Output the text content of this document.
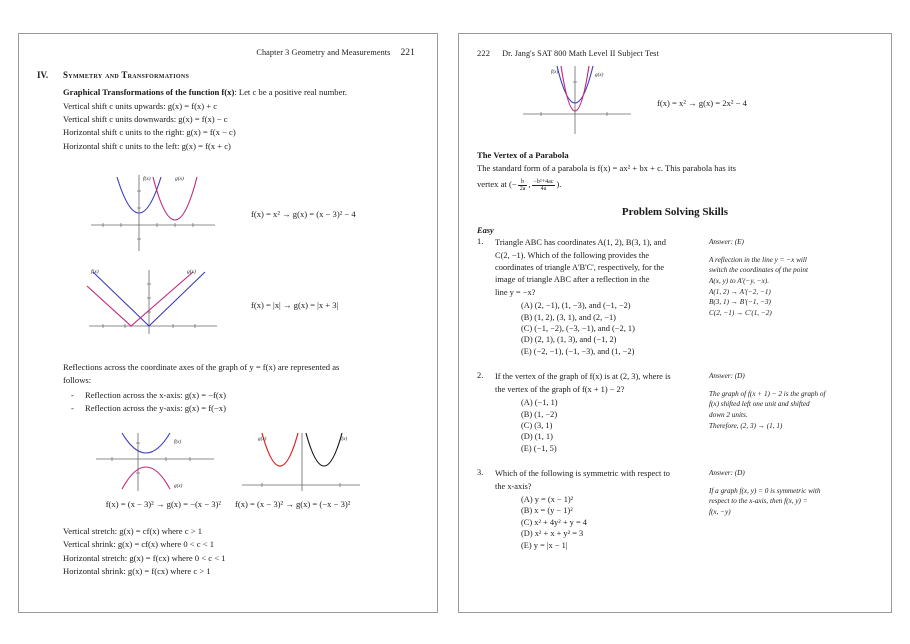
Chapter 3 Geometry and Measurements 221
IV.	Symmetry and Transformations
Graphical Transformations of the function f(x): Let c be a positive real number.
Vertical shift c units upwards: g(x) = f(x) + c
Vertical shift c units downwards: g(x) = f(x) − c
Horizontal shift c units to the right: g(x) = f(x − c)
Horizontal shift c units to the left: g(x) = f(x + c)
f(x)	g(x)
f(x) = x² → g(x) = (x − 3)² − 4
f(x)	g(x)
f(x) = |x| → g(x) = |x + 3|
Reflections across the coordinate axes of the graph of y = f(x) are represented as
follows:
- Reflection across the x-axis: g(x) = −f(x)
- Reflection across the y-axis: g(x) = f(−x)
f(x)
g(x)
g(x)	f(x)
f(x) = (x − 3)² → g(x) = −(x − 3)² f(x) = (x − 3)² → g(x) = (−x − 3)²
Vertical stretch: g(x) = cf(x) where c > 1
Vertical shrink: g(x) = cf(x) where 0 < c < 1
Horizontal stretch: g(x) = f(cx) where 0 < c < 1
Horizontal shrink: g(x) = f(cx) where c > 1
222 Dr. Jang's SAT 800 Math Level II Subject Test
f(x)	g(x)
f(x) = x² → g(x) = 2x² − 4
The Vertex of a Parabola
The standard form of a parabola is f(x) = ax² + bx + c. This parabola has its
vertex at (− $\frac{b}{2a}$ , $\frac{\text{−b²+4ac}}{4a}$ ).
Problem Solving Skills
Easy
1.	Triangle ABC has coordinates A(1, 2), B(3, 1), and
C(2, −1). Which of the following provides the
coordinates of triangle A'B'C', respectively, for the
image of triangle ABC after a reflection in the
line y = −x?
(A) (2, −1), (1, −3), and (−1, −2)
(B) (1, 2), (3, 1), and (2, −1)
(C) (−1, −2), (−3, −1), and (−2, 1)
(D) (2, 1), (1, 3), and (−1, 2)
(E) (−2, −1), (−1, −3), and (1, −2)
Answer: (E)
A reflection in the line y = −x will
switch the coordinates of the point
A(x, y) to A'(−y, −x).
A(1, 2) → A'(−2, −1)
B(3, 1) → B'(−1, −3)
C(2, −1) → C'(1, −2)
2.	If the vertex of the graph of f(x) is at (2, 3), where is
the vertex of the graph of f(x + 1) − 2?
(A) (−1, 1)
(B) (1, −2)
(C) (3, 1)
(D) (1, 1)
(E) (−1, 5)
Answer: (D)
The graph of f(x + 1) − 2 is the graph of
f(x) shifted left one unit and shifted
down 2 units.
Therefore, (2, 3) → (1, 1)
3.	Which of the following is symmetric with respect to
the x-axis?
(A) y = (x − 1)²
(B) x = (y − 1)²
(C) x² + 4y² + y = 4
(D) x² + x + y² = 3
(E) y = |x − 1|
Answer: (D)
If a graph f(x, y) = 0 is symmetric with
respect to the x-axis, then f(x, y) =
f(x, −y)
